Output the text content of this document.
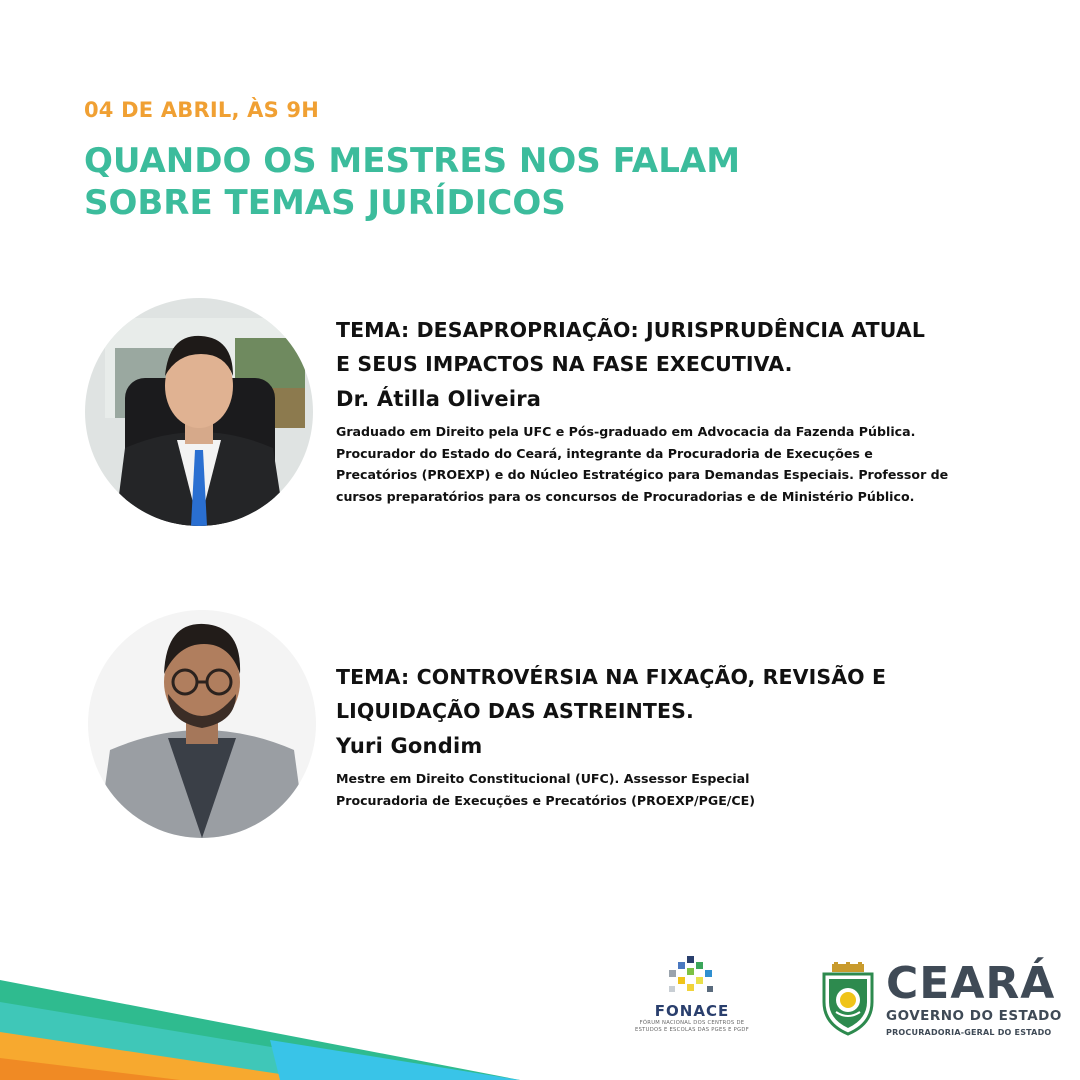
04 DE ABRIL, ÀS 9H
QUANDO OS MESTRES NOS FALAM
SOBRE TEMAS JURÍDICOS
TEMA: DESAPROPRIAÇÃO: JURISPRUDÊNCIA ATUAL
E SEUS IMPACTOS NA FASE EXECUTIVA.
Dr. Átilla Oliveira
Graduado em Direito pela UFC e Pós-graduado em Advocacia da Fazenda Pública.
Procurador do Estado do Ceará, integrante da Procuradoria de Execuções e
Precatórios (PROEXP) e do Núcleo Estratégico para Demandas Especiais. Professor de
cursos preparatórios para os concursos de Procuradorias e de Ministério Público.
TEMA: CONTROVÉRSIA NA FIXAÇÃO, REVISÃO E
LIQUIDAÇÃO DAS ASTREINTES.
Yuri Gondim
Mestre em Direito Constitucional (UFC). Assessor Especial
Procuradoria de Execuções e Precatórios (PROEXP/PGE/CE)
FONACE
FÓRUM NACIONAL DOS CENTROS DE
ESTUDOS E ESCOLAS DAS PGES E PGDF
CEARÁ
GOVERNO DO ESTADO
PROCURADORIA-GERAL DO ESTADO
